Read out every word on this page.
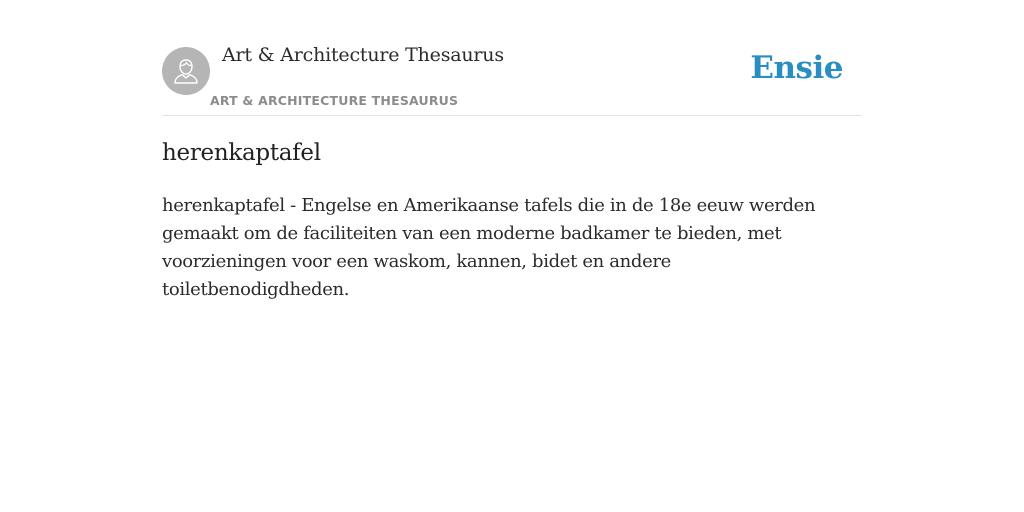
Art & Architecture Thesaurus
ART & ARCHITECTURE THESAURUS
Ensie
herenkaptafel

herenkaptafel - Engelse en Amerikaanse tafels die in de 18e eeuw werden gemaakt om de faciliteiten van een moderne badkamer te bieden, met voorzieningen voor een waskom, kannen, bidet en andere toiletbenodigdheden.
